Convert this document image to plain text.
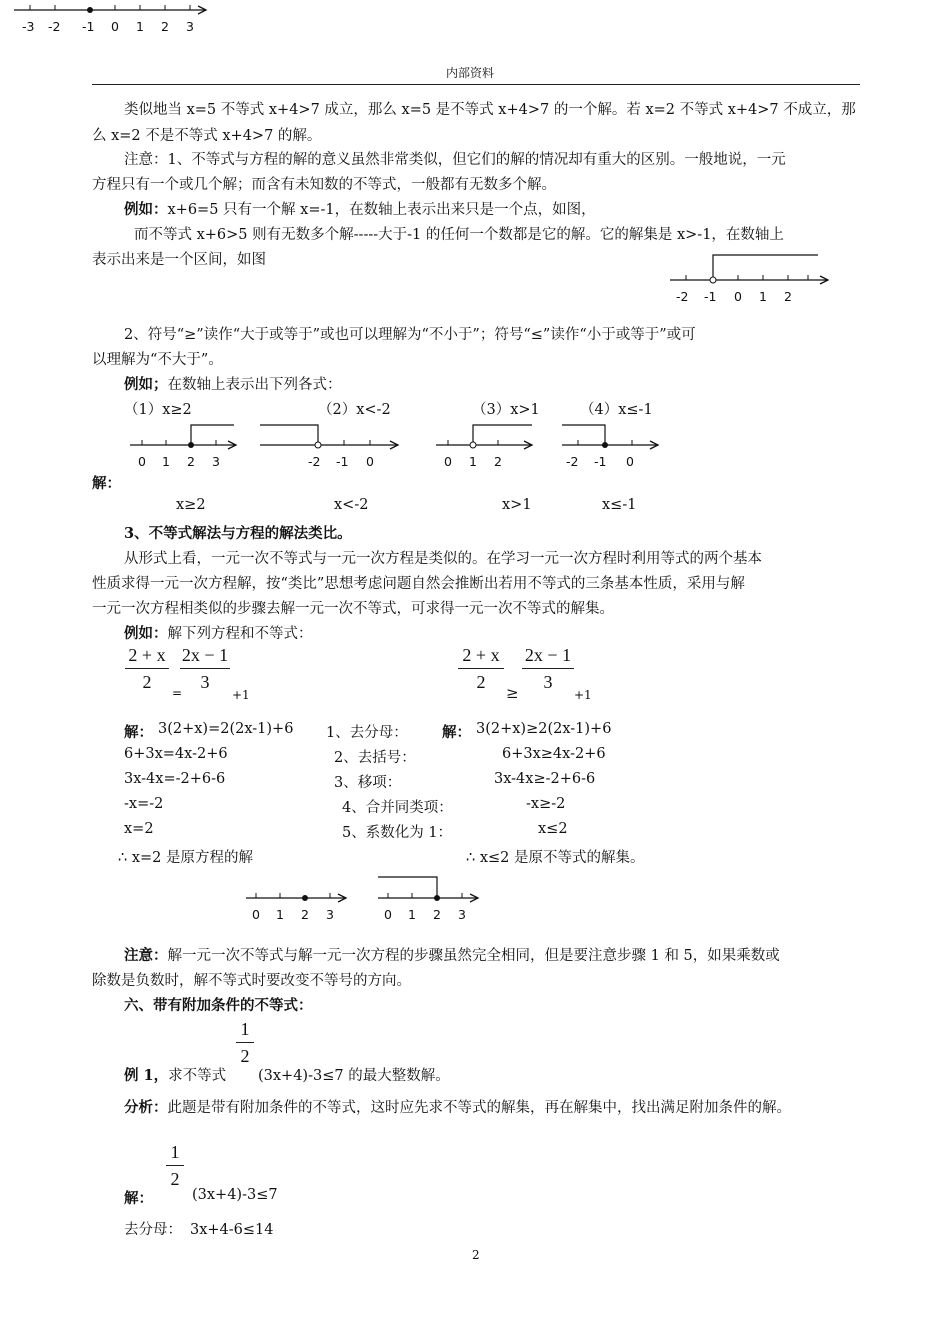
-3 -2 -1 0 1 2 3
内部资料
类似地当 x=5 不等式 x+4>7 成立，那么 x=5 是不等式 x+4>7 的一个解。若 x=2 不等式 x+4>7 不成立，那
么 x=2 不是不等式 x+4>7 的解。
注意：1、不等式与方程的解的意义虽然非常类似，但它们的解的情况却有重大的区别。一般地说，一元
方程只有一个或几个解；而含有未知数的不等式，一般都有无数多个解。
例如：x+6=5 只有一个解 x=-1，在数轴上表示出来只是一个点，如图，
而不等式 x+6>5 则有无数多个解-----大于-1 的任何一个数都是它的解。它的解集是 x>-1，在数轴上
表示出来是一个区间，如图
-2 -1 0 1 2
2、符号“≥”读作“大于或等于”或也可以理解为“不小于”；符号“≤”读作“小于或等于”或可
以理解为“不大于”。
例如；在数轴上表示出下列各式：
（1）x≥2	（2）x<-2	（3）x>1	（4）x≤-1
0 1 2 3	-2 -1 0	0 1 2	-2 -1 0
解：
x≥2	x<-2	x>1	x≤-1
3、不等式解法与方程的解法类比。
从形式上看，一元一次不等式与一元一次方程是类似的。在学习一元一次方程时利用等式的两个基本
性质求得一元一次方程解，按“类比”思想考虑问题自然会推断出若用不等式的三条基本性质，采用与解
一元一次方程相类似的步骤去解一元一次不等式，可求得一元一次不等式的解集。
例如：解下列方程和不等式：
2 + x
2
=
2x − 1
3
+1
2 + x
2
≥
2x − 1
3
+1
解： 3(2+x)=2(2x-1)+6 1、去分母： 解： 3(2+x)≥2(2x-1)+6
6+3x=4x-2+6	2、去括号：	6+3x≥4x-2+6
3x-4x=-2+6-6	3、移项：	3x-4x≥-2+6-6
-x=-2	4、合并同类项：	-x≥-2
x=2	5、系数化为 1：	x≤2
∴ x=2 是原方程的解	∴ x≤2 是原不等式的解集。
0 1 2 3	0 1 2 3
注意：解一元一次不等式与解一元一次方程的步骤虽然完全相同，但是要注意步骤 1 和 5，如果乘数或
除数是负数时，解不等式时要改变不等号的方向。
六、带有附加条件的不等式：
1
2
例 1，求不等式 (3x+4)-3≤7 的最大整数解。
分析：此题是带有附加条件的不等式，这时应先求不等式的解集，再在解集中，找出满足附加条件的解。
1
2
解：	(3x+4)-3≤7
去分母： 3x+4-6≤14
2
